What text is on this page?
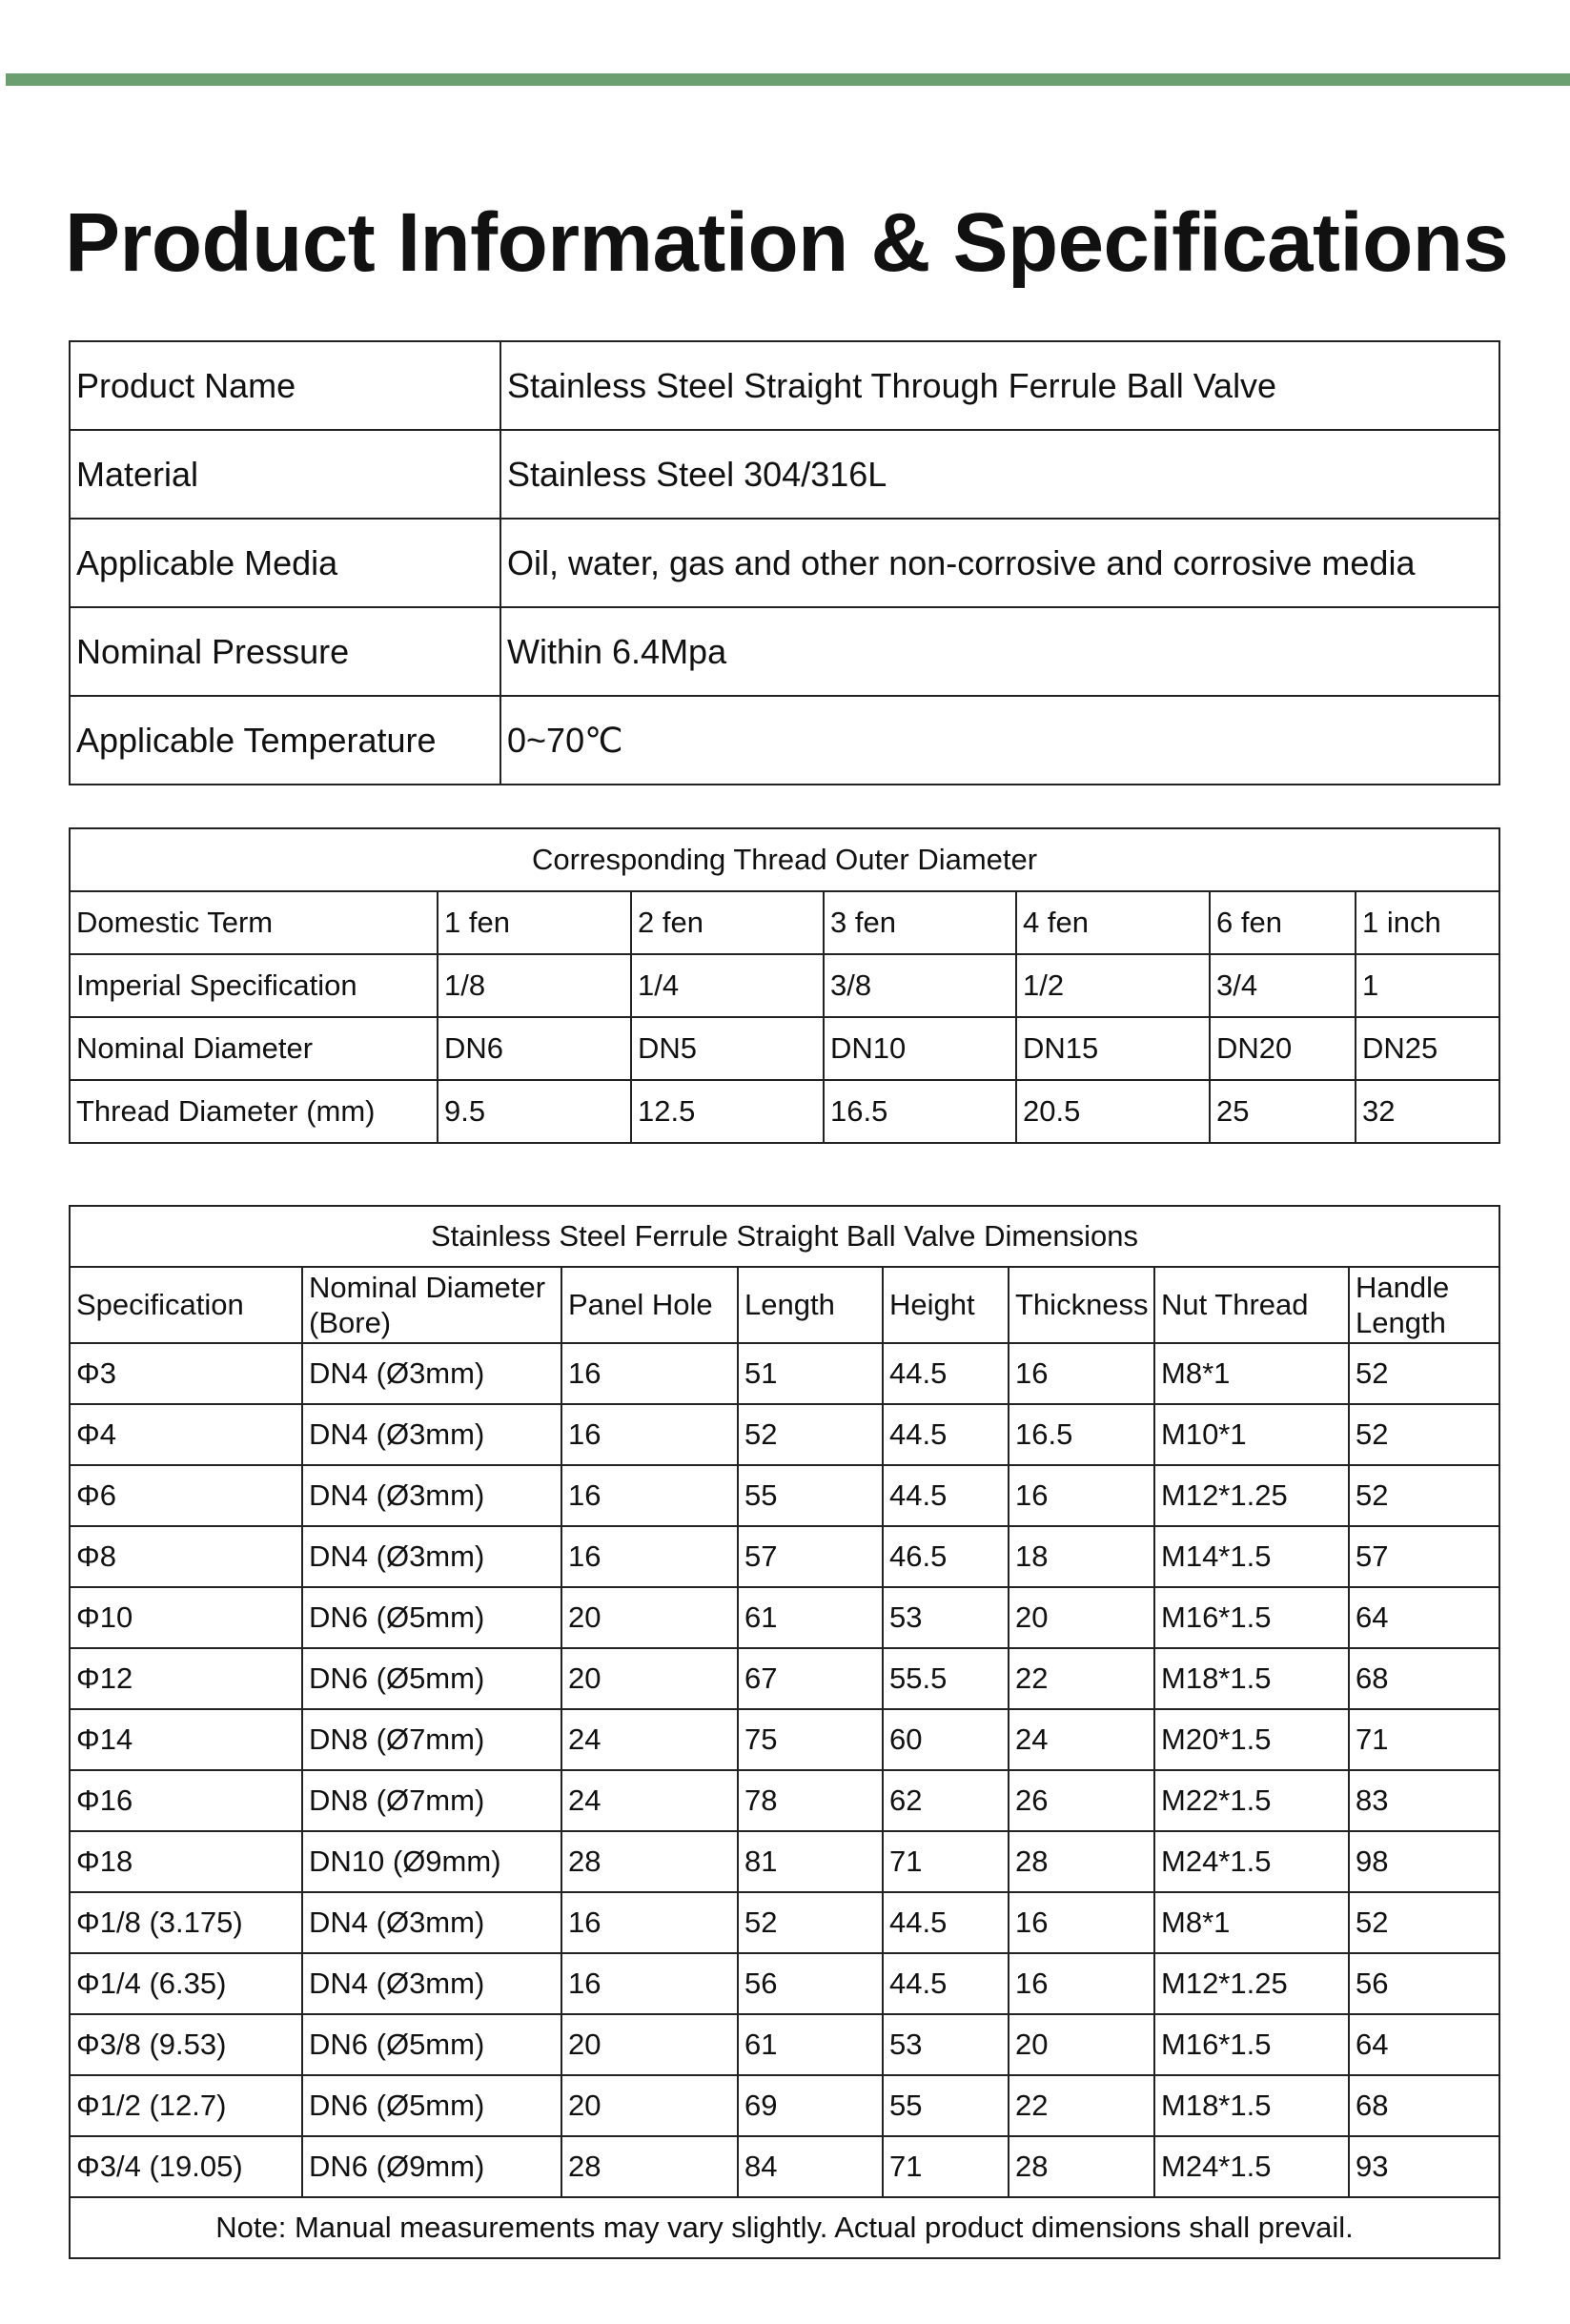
Product Information & Specifications
Product Name	Stainless Steel Straight Through Ferrule Ball Valve
Material	Stainless Steel 304/316L
Applicable Media	Oil, water, gas and other non-corrosive and corrosive media
Nominal Pressure	Within 6.4Mpa
Applicable Temperature	0~70℃
Corresponding Thread Outer Diameter						
Domestic Term	1 fen	2 fen	3 fen	4 fen	6 fen	1 inch
Imperial Specification	1/8	1/4	3/8	1/2	3/4	1
Nominal Diameter	DN6	DN5	DN10	DN15	DN20	DN25
Thread Diameter (mm)	9.5	12.5	16.5	20.5	25	32
Stainless Steel Ferrule Straight Ball Valve Dimensions							
Specification	Nominal Diameter (Bore)	Panel Hole	Length	Height	Thickness	Nut Thread	Handle Length
Φ3	DN4 (Ø3mm)	16	51	44.5	16	M8*1	52
Φ4	DN4 (Ø3mm)	16	52	44.5	16.5	M10*1	52
Φ6	DN4 (Ø3mm)	16	55	44.5	16	M12*1.25	52
Φ8	DN4 (Ø3mm)	16	57	46.5	18	M14*1.5	57
Φ10	DN6 (Ø5mm)	20	61	53	20	M16*1.5	64
Φ12	DN6 (Ø5mm)	20	67	55.5	22	M18*1.5	68
Φ14	DN8 (Ø7mm)	24	75	60	24	M20*1.5	71
Φ16	DN8 (Ø7mm)	24	78	62	26	M22*1.5	83
Φ18	DN10 (Ø9mm)	28	81	71	28	M24*1.5	98
Φ1/8 (3.175)	DN4 (Ø3mm)	16	52	44.5	16	M8*1	52
Φ1/4 (6.35)	DN4 (Ø3mm)	16	56	44.5	16	M12*1.25	56
Φ3/8 (9.53)	DN6 (Ø5mm)	20	61	53	20	M16*1.5	64
Φ1/2 (12.7)	DN6 (Ø5mm)	20	69	55	22	M18*1.5	68
Φ3/4 (19.05)	DN6 (Ø9mm)	28	84	71	28	M24*1.5	93
Note: Manual measurements may vary slightly. Actual product dimensions shall prevail.							
